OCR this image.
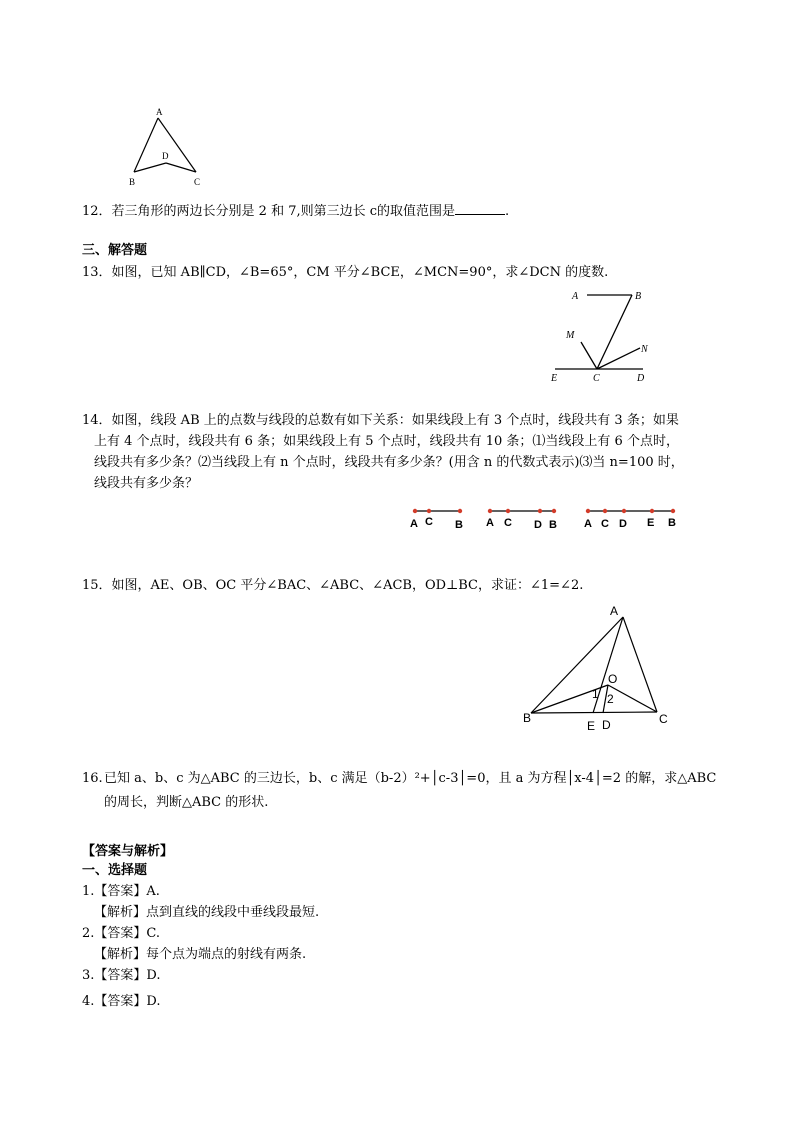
A
D
B	C
12．若三角形的两边长分别是 2 和 7,则第三边长 c的取值范围是	.
三、解答题
13．如图，已知 AB∥CD，∠B=65°，CM 平分∠BCE，∠MCN=90°，求∠DCN 的度数.
A	B
M
N
E	C	D
14．如图，线段 AB 上的点数与线段的总数有如下关系：如果线段上有 3 个点时，线段共有 3 条；如果
上有 4 个点时，线段共有 6 条；如果线段上有 5 个点时，线段共有 10 条；⑴当线段上有 6 个点时，
线段共有多少条？⑵当线段上有 n 个点时，线段共有多少条？(用含 n 的代数式表示)⑶当 n=100 时，
线段共有多少条？
A C B A C D B A C D E B
15．如图，AE、OB、OC 平分∠BAC、∠ABC、∠ACB，OD⊥BC，求证：∠1=∠2.
A
O
1 2
B
E D	C
16.已知 a、b、c 为△ABC 的三边长，b、c 满足（b-2）²+│c-3│=0，且 a 为方程│x-4│=2 的解，求△ABC
的周长，判断△ABC 的形状.
【答案与解析】
一、选择题
1.【答案】A.
【解析】点到直线的线段中垂线段最短.
2.【答案】C.
【解析】每个点为端点的射线有两条.
3.【答案】D.
4.【答案】D.
